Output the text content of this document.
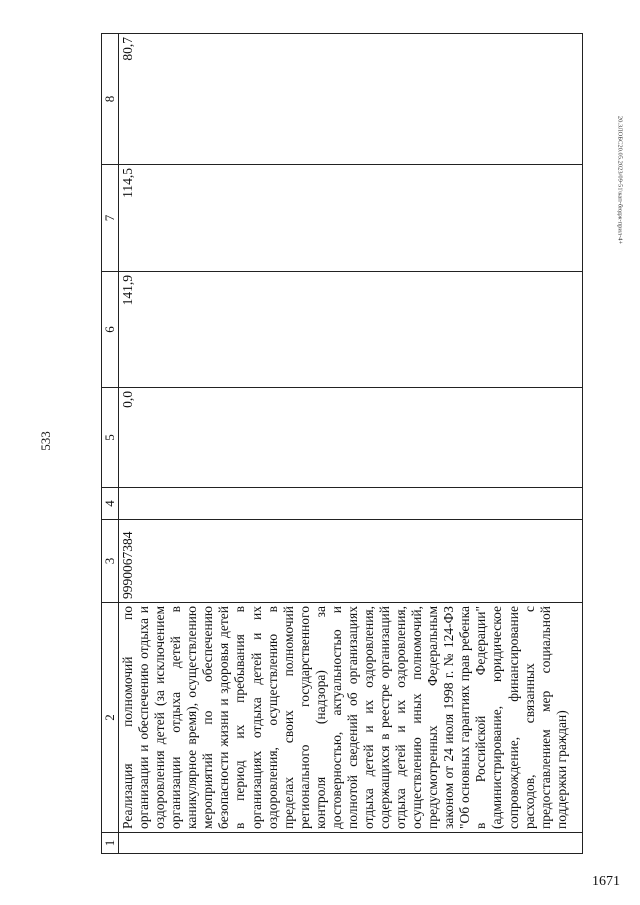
533
1	2	3	4	5	6	7	8
	Реализация полномочий по организации и обеспечению отдыха и оздоровления детей (за исключением организации отдыха детей в каникулярное время), осуществлению мероприятий по обеспечению безопасности жизни и здоровья детей в период их пребывания в организациях отдыха детей и их оздоровления, осуществлению в пределах своих полномочий регионального государственного контроля (надзора) за достоверностью, актуальностью и полнотой сведений об организациях отдыха детей и их оздоровления, содержащихся в реестре организаций отдыха детей и их оздоровления, осуществлению иных полномочий, предусмотренных Федеральным законом от 24 июля 1998 г. № 124-ФЗ "Об основных гарантиях прав ребенка в Российской Федерации" (администрирование, юридическое сопровождение, финансирование расходов, связанных с предоставлением мер социальной поддержки граждан)	9990067384		0,0	141,9	114,5	80,7
20.3ЛОБС20.05.2023/09-51\кап-бюдж-прил-4+
1671
